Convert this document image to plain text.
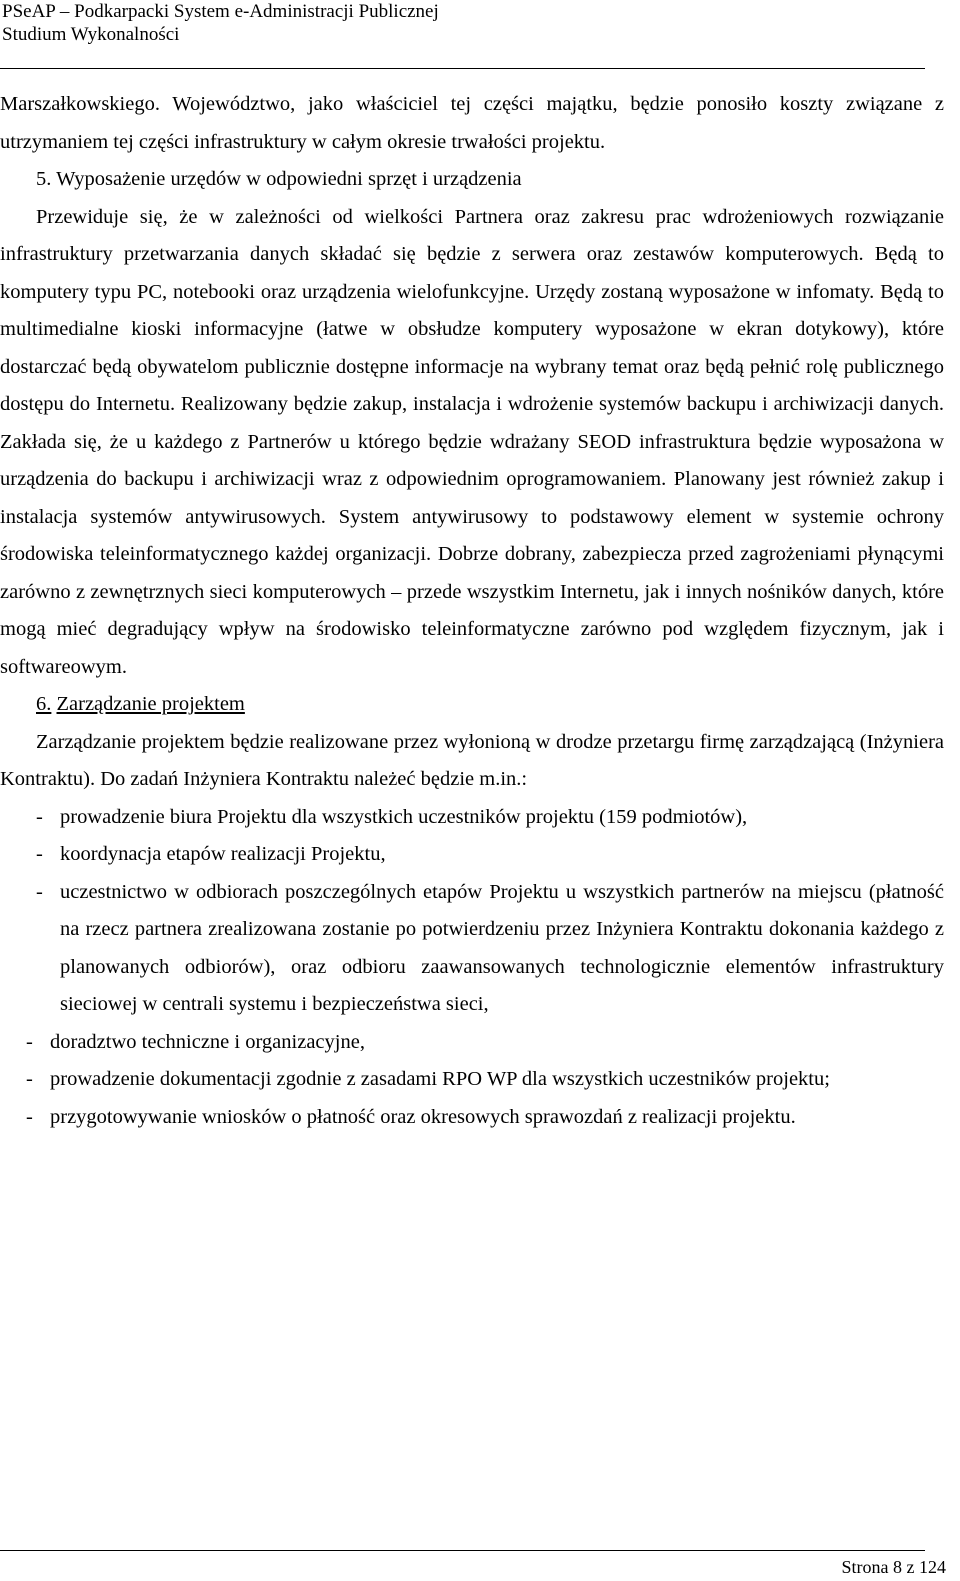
PSeAP – Podkarpacki System e-Administracji Publicznej
Studium Wykonalności

Marszałkowskiego. Województwo, jako właściciel tej części majątku, będzie ponosiło koszty związane z utrzymaniem tej części infrastruktury w całym okresie trwałości projektu.

5. Wyposażenie urzędów w odpowiedni sprzęt i urządzenia

Przewiduje się, że w zależności od wielkości Partnera oraz zakresu prac wdrożeniowych rozwiązanie infrastruktury przetwarzania danych składać się będzie z serwera oraz zestawów komputerowych. Będą to komputery typu PC, notebooki oraz urządzenia wielofunkcyjne. Urzędy zostaną wyposażone w infomaty. Będą to multimedialne kioski informacyjne (łatwe w obsłudze komputery wyposażone w ekran dotykowy), które dostarczać będą obywatelom publicznie dostępne informacje na wybrany temat oraz będą pełnić rolę publicznego dostępu do Internetu. Realizowany będzie zakup, instalacja i wdrożenie systemów backupu i archiwizacji danych. Zakłada się, że u każdego z Partnerów u którego będzie wdrażany SEOD infrastruktura będzie wyposażona w urządzenia do backupu i archiwizacji wraz z odpowiednim oprogramowaniem. Planowany jest również zakup i instalacja systemów antywirusowych. System antywirusowy to podstawowy element w systemie ochrony środowiska teleinformatycznego każdej organizacji. Dobrze dobrany, zabezpiecza przed zagrożeniami płynącymi zarówno z zewnętrznych sieci komputerowych – przede wszystkim Internetu, jak i innych nośników danych, które mogą mieć degradujący wpływ na środowisko teleinformatyczne zarówno pod względem fizycznym, jak i softwareowym.

6. Zarządzanie projektem

Zarządzanie projektem będzie realizowane przez wyłonioną w drodze przetargu firmę zarządzającą (Inżyniera Kontraktu). Do zadań Inżyniera Kontraktu należeć będzie m.in.:

- prowadzenie biura Projektu dla wszystkich uczestników projektu (159 podmiotów),
- koordynacja etapów realizacji Projektu,
- uczestnictwo w odbiorach poszczególnych etapów Projektu u wszystkich partnerów na miejscu (płatność na rzecz partnera zrealizowana zostanie po potwierdzeniu przez Inżyniera Kontraktu dokonania każdego z planowanych odbiorów), oraz odbioru zaawansowanych technologicznie elementów infrastruktury sieciowej w centrali systemu i bezpieczeństwa sieci,
- doradztwo techniczne i organizacyjne,
- prowadzenie dokumentacji zgodnie z zasadami RPO WP dla wszystkich uczestników projektu;
- przygotowywanie wniosków o płatność oraz okresowych sprawozdań z realizacji projektu.
Strona 8 z 124
